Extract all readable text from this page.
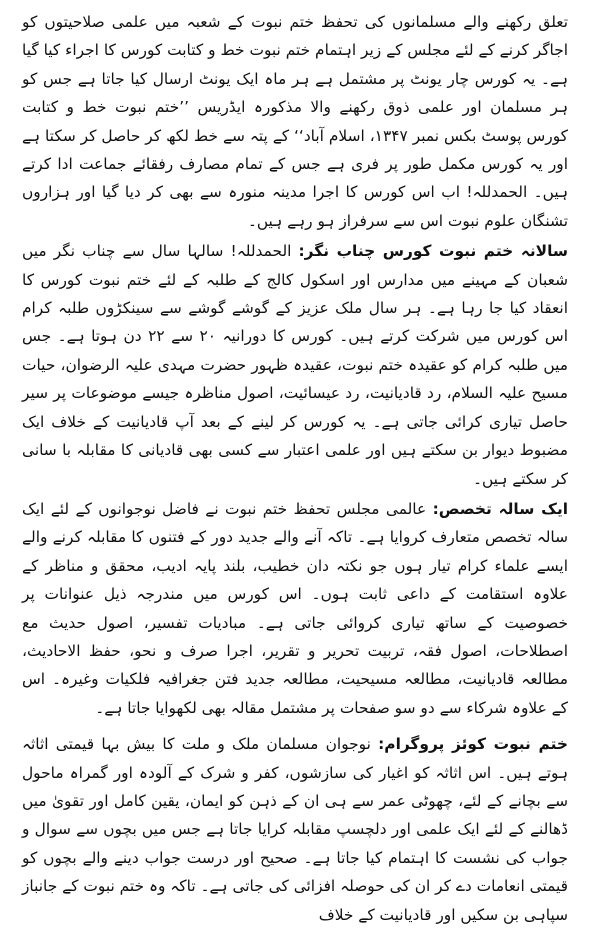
تعلق رکھنے والے مسلمانوں کی تحفظ ختم نبوت کے شعبہ میں علمی صلاحیتوں کو اجاگر کرنے کے لئے مجلس کے زیر اہتمام ختم نبوت خط و کتابت کورس کا اجراء کیا گیا ہے۔ یہ کورس چار یونٹ پر مشتمل ہے ہر ماہ ایک یونٹ ارسال کیا جاتا ہے جس کو ہر مسلمان اور علمی ذوق رکھنے والا مذکورہ ایڈریس ’’ختم نبوت خط و کتابت کورس پوسٹ بکس نمبر ۱۳۴۷، اسلام آباد‘‘ کے پتہ سے خط لکھ کر حاصل کر سکتا ہے اور یہ کورس مکمل طور پر فری ہے جس کے تمام مصارف رفقائے جماعت ادا کرتے ہیں۔ الحمدللہ! اب اس کورس کا اجرا مدینہ منورہ سے بھی کر دیا گیا اور ہزاروں تشنگان علوم نبوت اس سے سرفراز ہو رہے ہیں۔

سالانہ ختم نبوت کورس چناب نگر: الحمدللہ! سالہا سال سے چناب نگر میں شعبان کے مہینے میں مدارس اور اسکول کالج کے طلبہ کے لئے ختم نبوت کورس کا انعقاد کیا جا رہا ہے۔ ہر سال ملک عزیز کے گوشے گوشے سے سینکڑوں طلبہ کرام اس کورس میں شرکت کرتے ہیں۔ کورس کا دورانیہ ۲۰ سے ۲۲ دن ہوتا ہے۔ جس میں طلبہ کرام کو عقیدہ ختم نبوت، عقیدہ ظہور حضرت مہدی علیہ الرضوان، حیات مسیح علیہ السلام، رد قادیانیت، رد عیسائیت، اصول مناظرہ جیسے موضوعات پر سیر حاصل تیاری کرائی جاتی ہے۔ یہ کورس کر لینے کے بعد آپ قادیانیت کے خلاف ایک مضبوط دیوار بن سکتے ہیں اور علمی اعتبار سے کسی بھی قادیانی کا مقابلہ با سانی کر سکتے ہیں۔

ایک سالہ تخصص: عالمی مجلس تحفظ ختم نبوت نے فاضل نوجوانوں کے لئے ایک سالہ تخصص متعارف کروایا ہے۔ تاکہ آنے والے جدید دور کے فتنوں کا مقابلہ کرنے والے ایسے علماء کرام تیار ہوں جو نکتہ دان خطیب، بلند پایہ ادیب، محقق و مناظر کے علاوہ استقامت کے داعی ثابت ہوں۔ اس کورس میں مندرجہ ذیل عنوانات پر خصوصیت کے ساتھ تیاری کروائی جاتی ہے۔ مبادیات تفسیر، اصول حدیث مع اصطلاحات، اصول فقہ، تربیت تحریر و تقریر، اجرا صرف و نحو، حفظ الاحادیث، مطالعہ قادیانیت، مطالعہ مسیحیت، مطالعہ جدید فتن جغرافیہ فلکیات وغیرہ۔ اس کے علاوہ شرکاء سے دو سو صفحات پر مشتمل مقالہ بھی لکھوایا جاتا ہے۔

ختم نبوت کوئز پروگرام: نوجوان مسلمان ملک و ملت کا بیش بہا قیمتی اثاثہ ہوتے ہیں۔ اس اثاثہ کو اغیار کی سازشوں، کفر و شرک کے آلودہ اور گمراہ ماحول سے بچانے کے لئے، چھوٹی عمر سے ہی ان کے ذہن کو ایمان، یقین کامل اور تقویٰ میں ڈھالنے کے لئے ایک علمی اور دلچسپ مقابلہ کرایا جاتا ہے جس میں بچوں سے سوال و جواب کی نشست کا اہتمام کیا جاتا ہے۔ صحیح اور درست جواب دینے والے بچوں کو قیمتی انعامات دے کر ان کی حوصلہ افزائی کی جاتی ہے۔ تاکہ وہ ختم نبوت کے جانباز سپاہی بن سکیں اور قادیانیت کے خلاف
